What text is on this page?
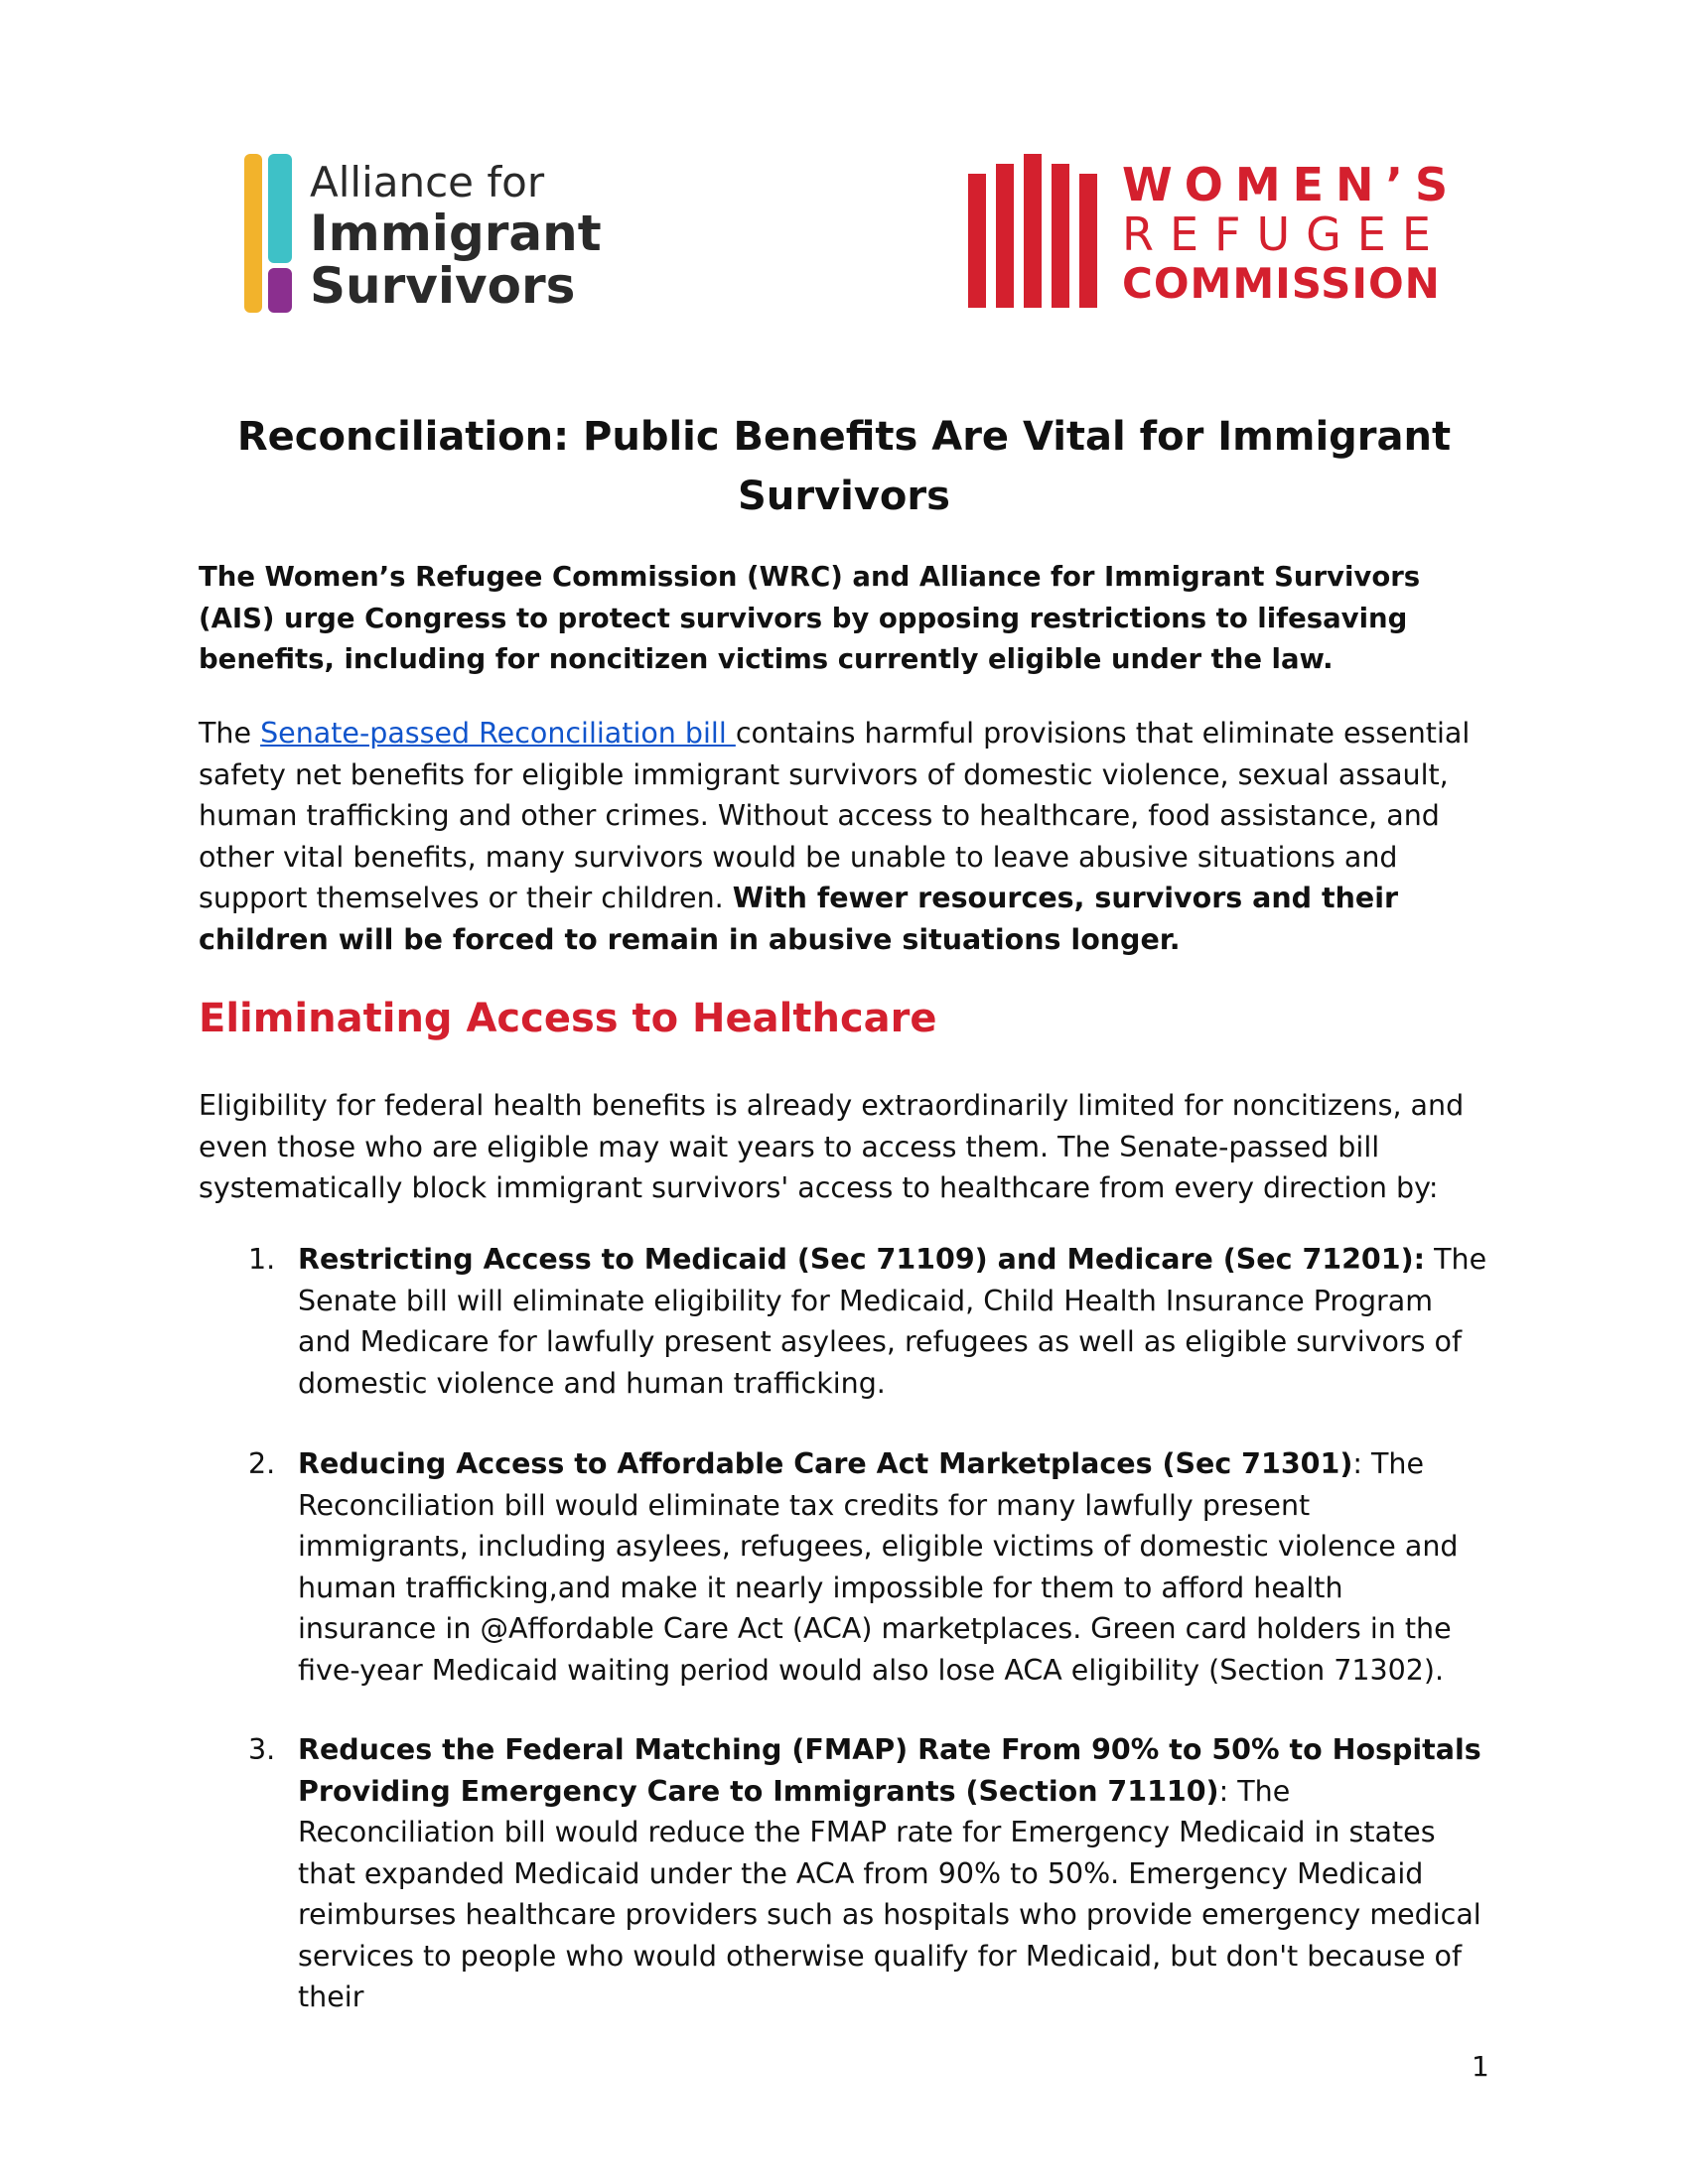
Alliance for
Immigrant
Survivors
WOMEN’S
REFUGEE
COMMISSION
Reconciliation: Public Benefits Are Vital for Immigrant Survivors
The Women’s Refugee Commission (WRC) and Alliance for Immigrant Survivors (AIS) urge Congress to protect survivors by opposing restrictions to lifesaving benefits, including for noncitizen victims currently eligible under the law.
The Senate-passed Reconciliation bill contains harmful provisions that eliminate essential safety net benefits for eligible immigrant survivors of domestic violence, sexual assault, human trafficking and other crimes. Without access to healthcare, food assistance, and other vital benefits, many survivors would be unable to leave abusive situations and support themselves or their children. With fewer resources, survivors and their children will be forced to remain in abusive situations longer.
Eliminating Access to Healthcare
Eligibility for federal health benefits is already extraordinarily limited for noncitizens, and even those who are eligible may wait years to access them. The Senate-passed bill systematically block immigrant survivors' access to healthcare from every direction by:
1. Restricting Access to Medicaid (Sec 71109) and Medicare (Sec 71201): The Senate bill will eliminate eligibility for Medicaid, Child Health Insurance Program and Medicare for lawfully present asylees, refugees as well as eligible survivors of domestic violence and human trafficking.
2. Reducing Access to Affordable Care Act Marketplaces (Sec 71301): The Reconciliation bill would eliminate tax credits for many lawfully present immigrants, including asylees, refugees, eligible victims of domestic violence and human trafficking,and make it nearly impossible for them to afford health insurance in @Affordable Care Act (ACA) marketplaces. Green card holders in the five-year Medicaid waiting period would also lose ACA eligibility (Section 71302).
3. Reduces the Federal Matching (FMAP) Rate From 90% to 50% to Hospitals Providing Emergency Care to Immigrants (Section 71110): The Reconciliation bill would reduce the FMAP rate for Emergency Medicaid in states that expanded Medicaid under the ACA from 90% to 50%. Emergency Medicaid reimburses healthcare providers such as hospitals who provide emergency medical services to people who would otherwise qualify for Medicaid, but don't because of their
1
